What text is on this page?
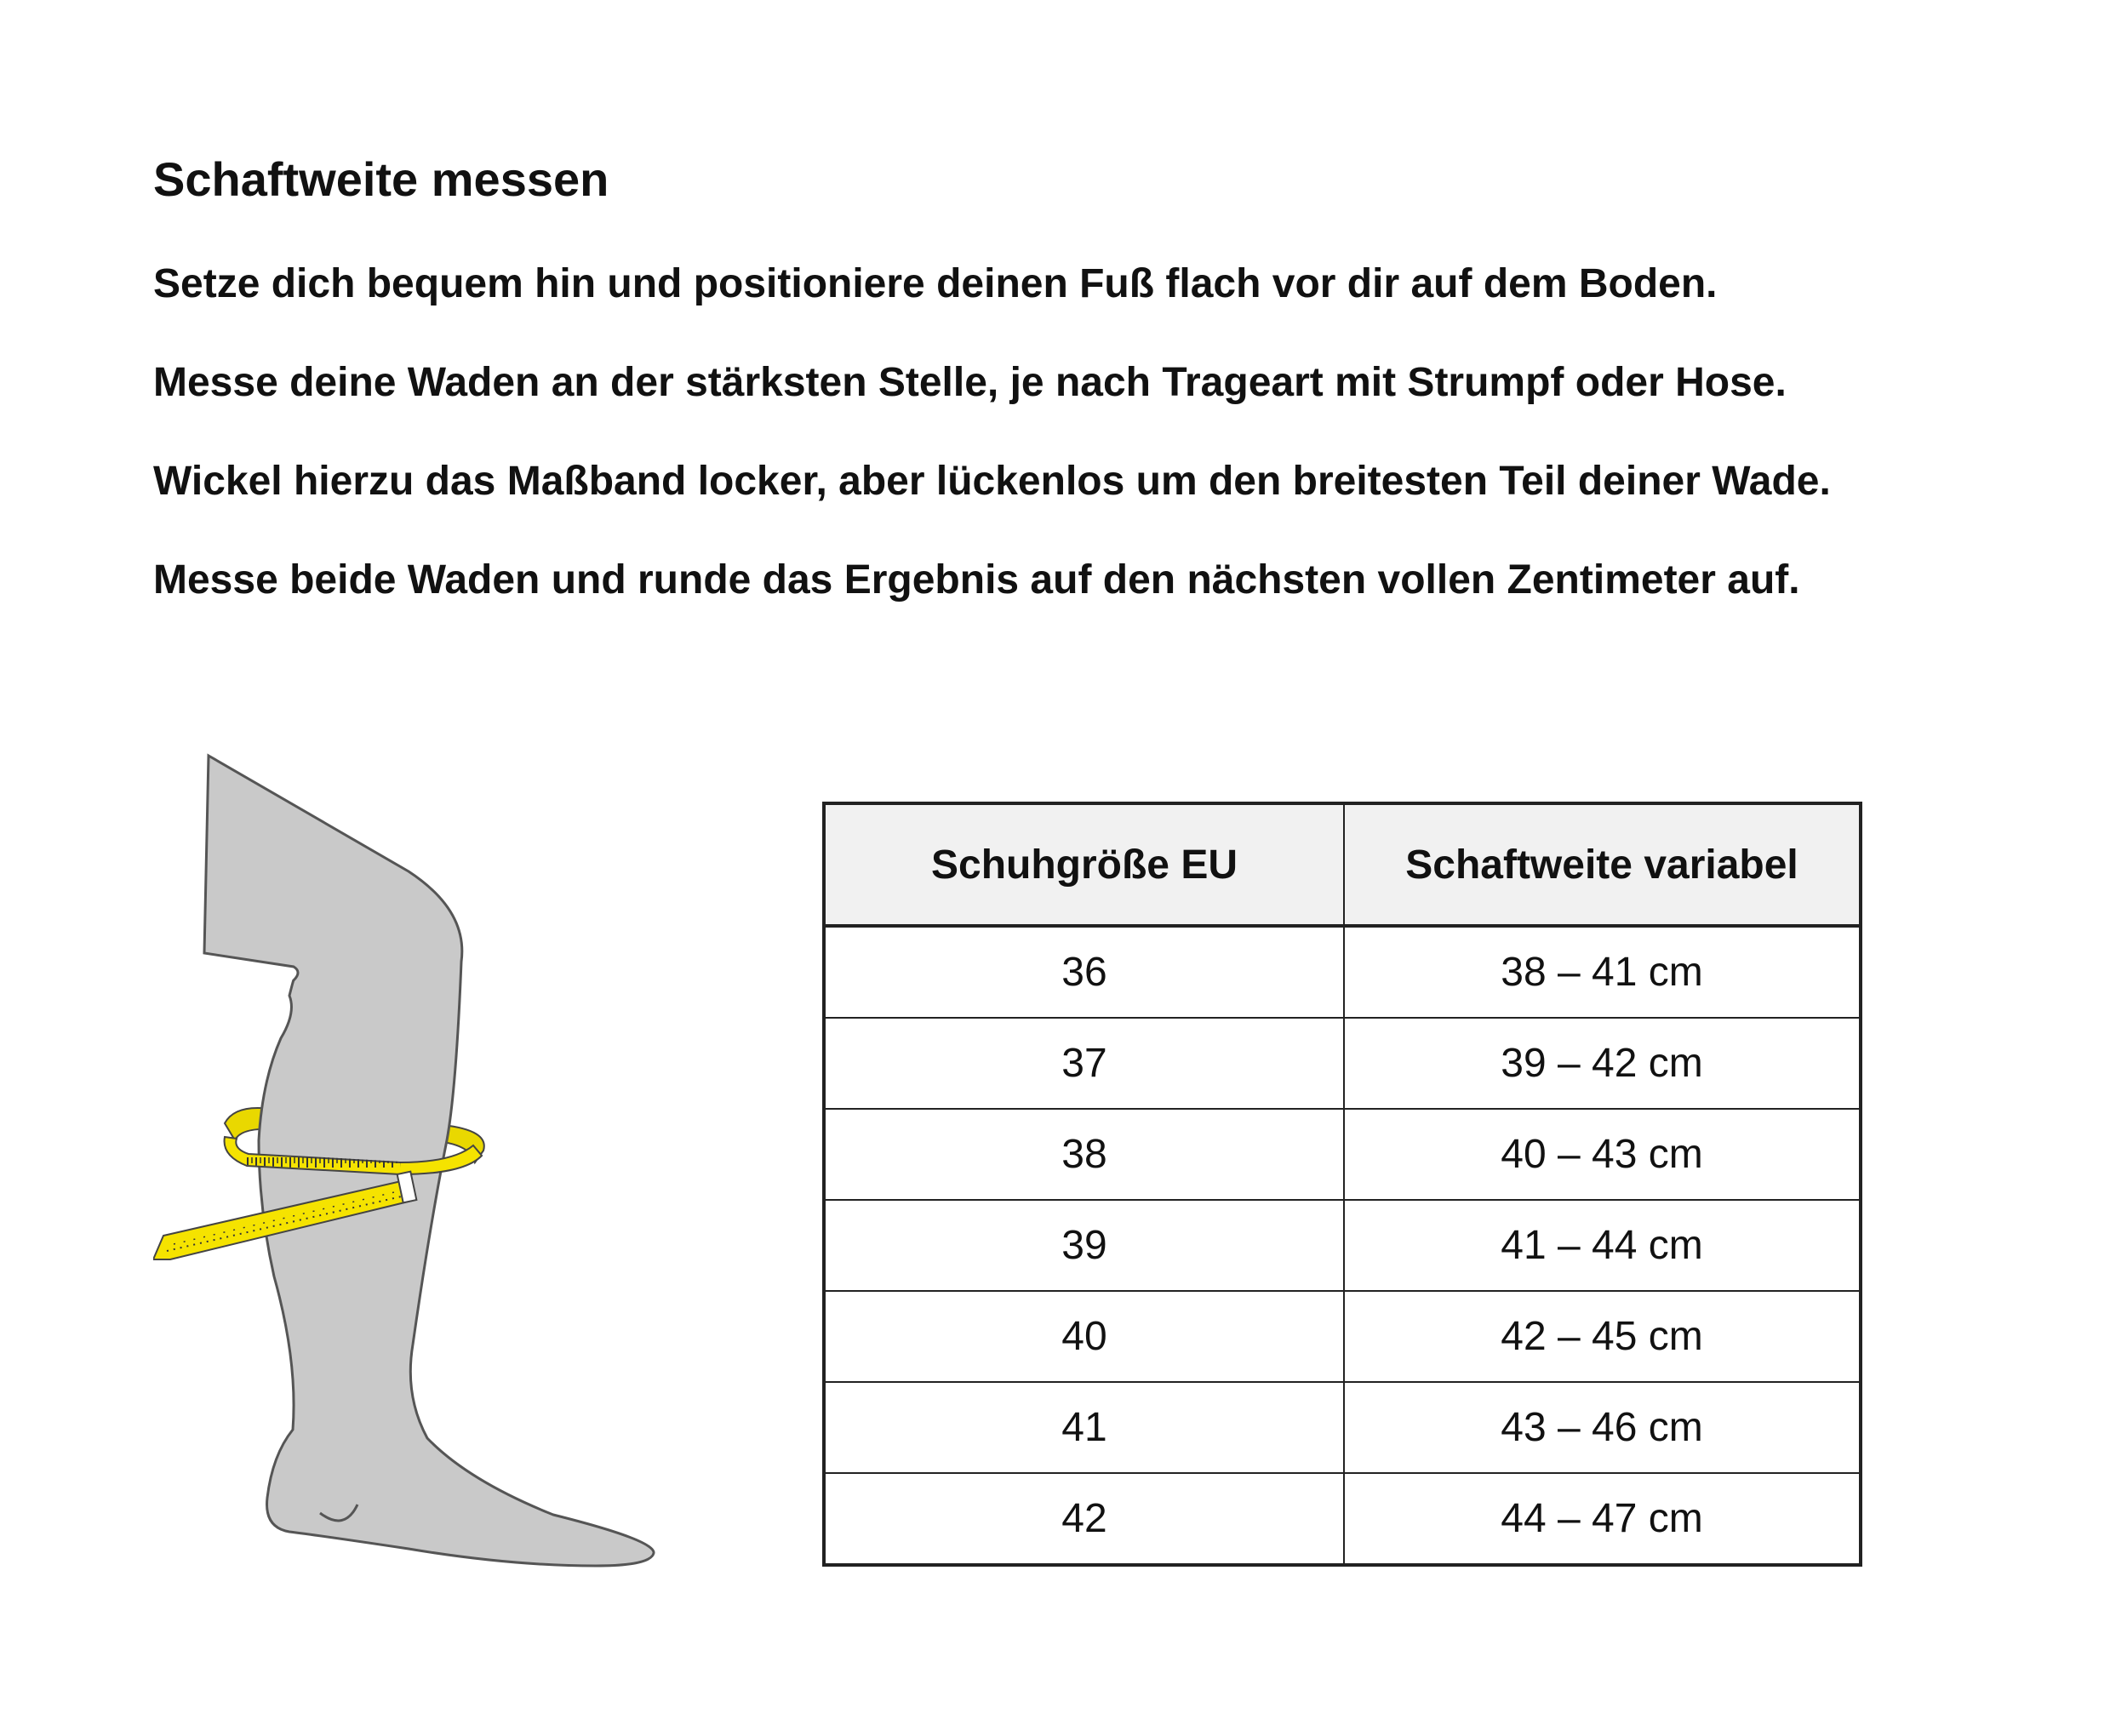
Schaftweite messen

Setze dich bequem hin und positioniere deinen Fuß flach vor dir auf dem Boden.

Messe deine Waden an der stärksten Stelle, je nach Trageart mit Strumpf oder Hose.

Wickel hierzu das Maßband locker, aber lückenlos um den breitesten Teil deiner Wade.

Messe beide Waden und runde das Ergebnis auf den nächsten vollen Zentimeter auf.

Schuhgröße EU	Schaftweite variabel
36	38 – 41 cm
37	39 – 42 cm
38	40 – 43 cm
39	41 – 44 cm
40	42 – 45 cm
41	43 – 46 cm
42	44 – 47 cm
